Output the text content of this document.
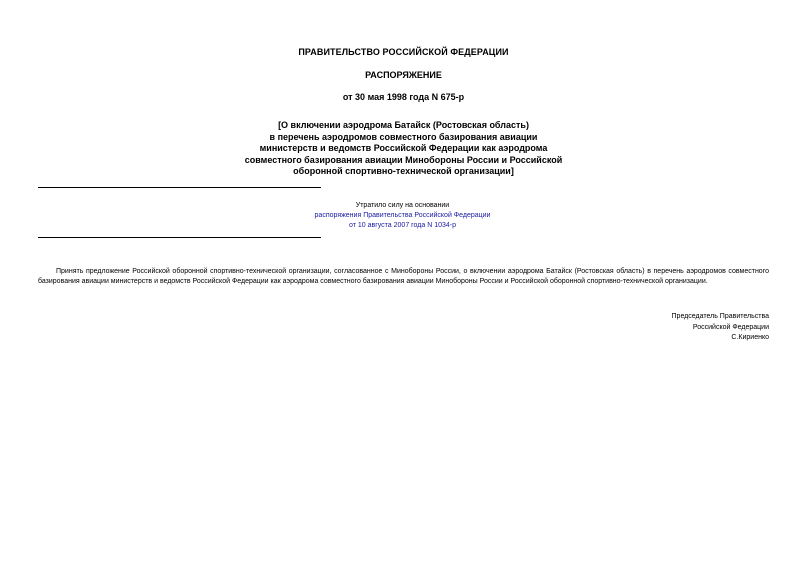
ПРАВИТЕЛЬСТВО РОССИЙСКОЙ ФЕДЕРАЦИИ
РАСПОРЯЖЕНИЕ
от 30 мая 1998 года N 675-р
[О включении аэродрома Батайск (Ростовская область)
в перечень аэродромов совместного базирования авиации
министерств и ведомств Российской Федерации как аэродрома
совместного базирования авиации Минобороны России и Российской
оборонной спортивно-технической организации]
Утратило силу на основании
распоряжения Правительства Российской Федерации
от 10 августа 2007 года N 1034-р
Принять предложение Российской оборонной спортивно-технической организации, согласованное с Минобороны России, о включении аэродрома Батайск (Ростовская область) в перечень аэродромов совместного базирования авиации министерств и ведомств Российской Федерации как аэродрома совместного базирования авиации Минобороны России и Российской оборонной спортивно-технической организации.
Председатель Правительства
Российской Федерации
С.Кириенко
